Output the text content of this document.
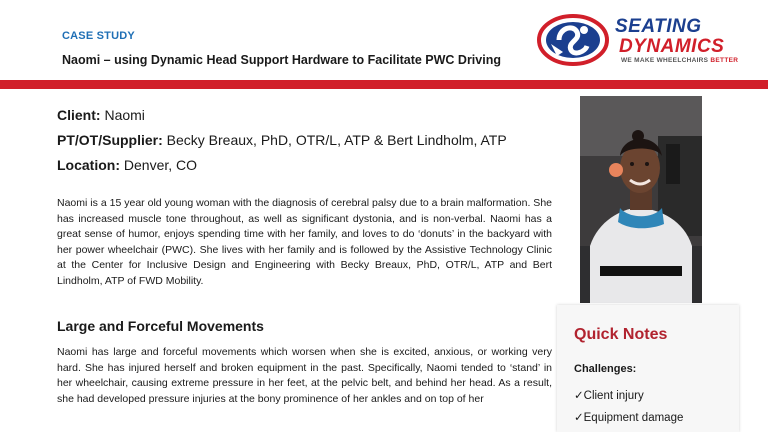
CASE STUDY
Naomi – using Dynamic Head Support Hardware to Facilitate PWC Driving
SEATING
DYNAMICS
WE MAKE WHEELCHAIRS BETTER
Client: Naomi
PT/OT/Supplier: Becky Breaux, PhD, OTR/L, ATP & Bert Lindholm, ATP
Location: Denver, CO
Naomi is a 15 year old young woman with the diagnosis of cerebral palsy due to a brain malformation. She has increased muscle tone throughout, as well as significant dystonia, and is non-verbal. Naomi has a great sense of humor, enjoys spending time with her family, and loves to do ‘donuts’ in the backyard with her power wheelchair (PWC). She lives with her family and is followed by the Assistive Technology Clinic at the Center for Inclusive Design and Engineering with Becky Breaux, PhD, OTR/L, ATP and Bert Lindholm, ATP of FWD Mobility.
Large and Forceful Movements
Naomi has large and forceful movements which worsen when she is excited, anxious, or working very hard. She has injured herself and broken equipment in the past. Specifically, Naomi tended to ‘stand’ in her wheelchair, causing extreme pressure in her feet, at the pelvic belt, and behind her head. As a result, she had developed pressure injuries at the bony prominence of her ankles and on top of her
Quick Notes
Challenges:
✓Client injury
✓Equipment damage
